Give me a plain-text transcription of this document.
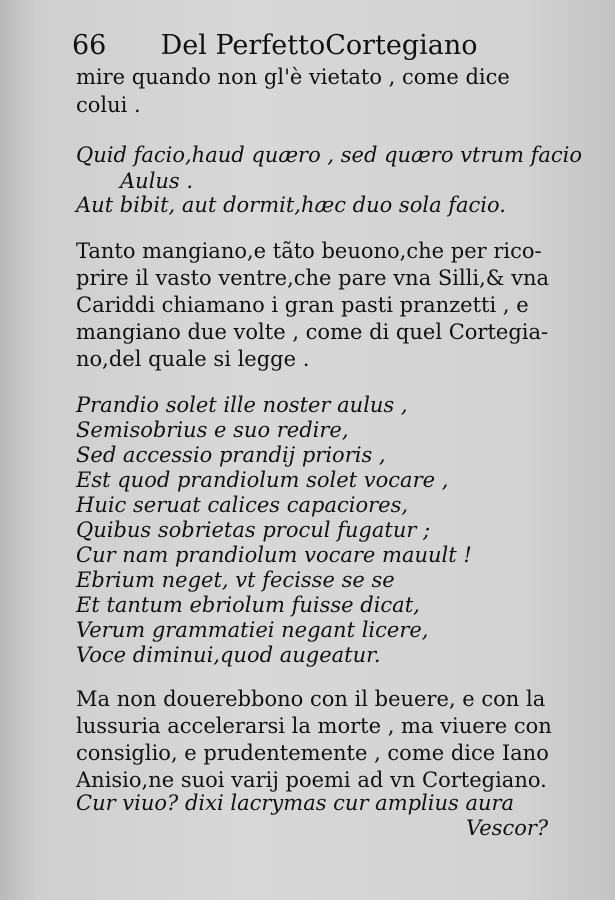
66 Del PerfettoCortegiano
mire quando non gl'è vietato , come dice
colui .
Quid facio,haud quæro , sed quæro vtrum facio
Aulus .
Aut bibit, aut dormit,hæc duo sola facio.
Tanto mangiano,e tãto beuono,che per rico-
prire il vasto ventre,che pare vna Silli,& vna
Cariddi chiamano i gran pasti pranzetti , e
mangiano due volte , come di quel Cortegia-
no,del quale si legge .
Prandio solet ille noster aulus ,
Semisobrius e suo redire,
Sed accessio prandij prioris ,
Est quod prandiolum solet vocare ,
Huic seruat calices capaciores,
Quibus sobrietas procul fugatur ;
Cur nam prandiolum vocare mauult !
Ebrium neget, vt fecisse se se
Et tantum ebriolum fuisse dicat,
Verum grammatiei negant licere,
Voce diminui,quod augeatur.
Ma non douerebbono con il beuere, e con la
lussuria accelerarsi la morte , ma viuere con
consiglio, e prudentemente , come dice Iano
Anisio,ne suoi varij poemi ad vn Cortegiano.
Cur viuo? dixi lacrymas cur amplius aura
Vescor?
